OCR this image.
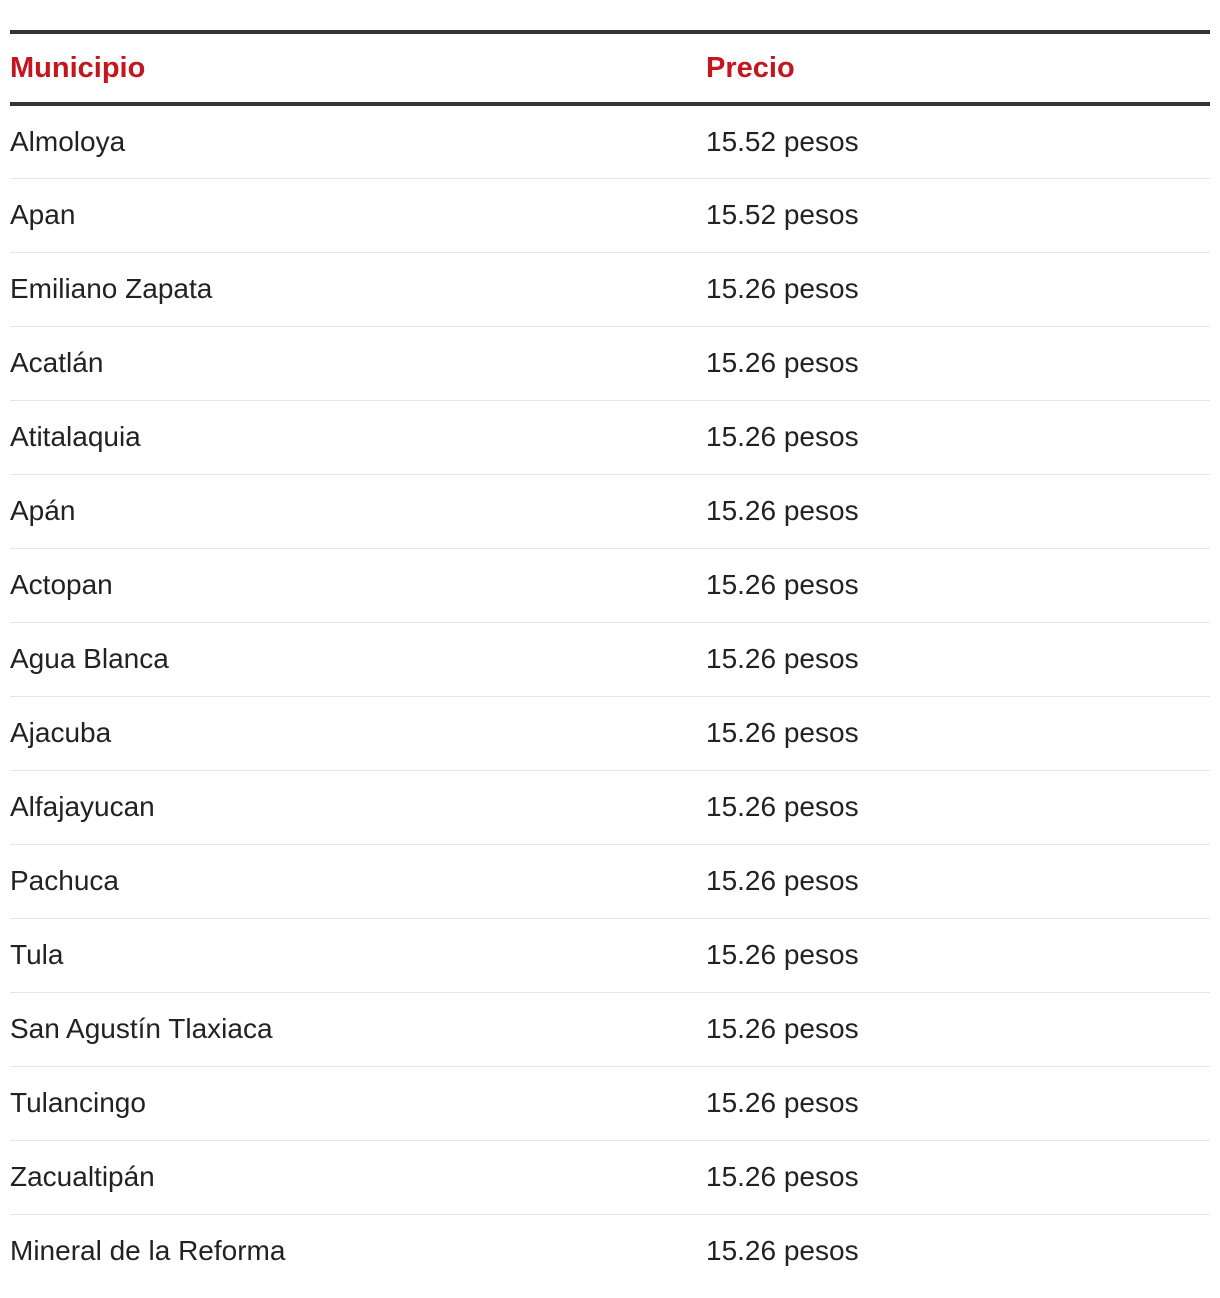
Municipio	Precio
Almoloya	15.52 pesos
Apan	15.52 pesos
Emiliano Zapata	15.26 pesos
Acatlán	15.26 pesos
Atitalaquia	15.26 pesos
Apán	15.26 pesos
Actopan	15.26 pesos
Agua Blanca	15.26 pesos
Ajacuba	15.26 pesos
Alfajayucan	15.26 pesos
Pachuca	15.26 pesos
Tula	15.26 pesos
San Agustín Tlaxiaca	15.26 pesos
Tulancingo	15.26 pesos
Zacualtipán	15.26 pesos
Mineral de la Reforma	15.26 pesos
